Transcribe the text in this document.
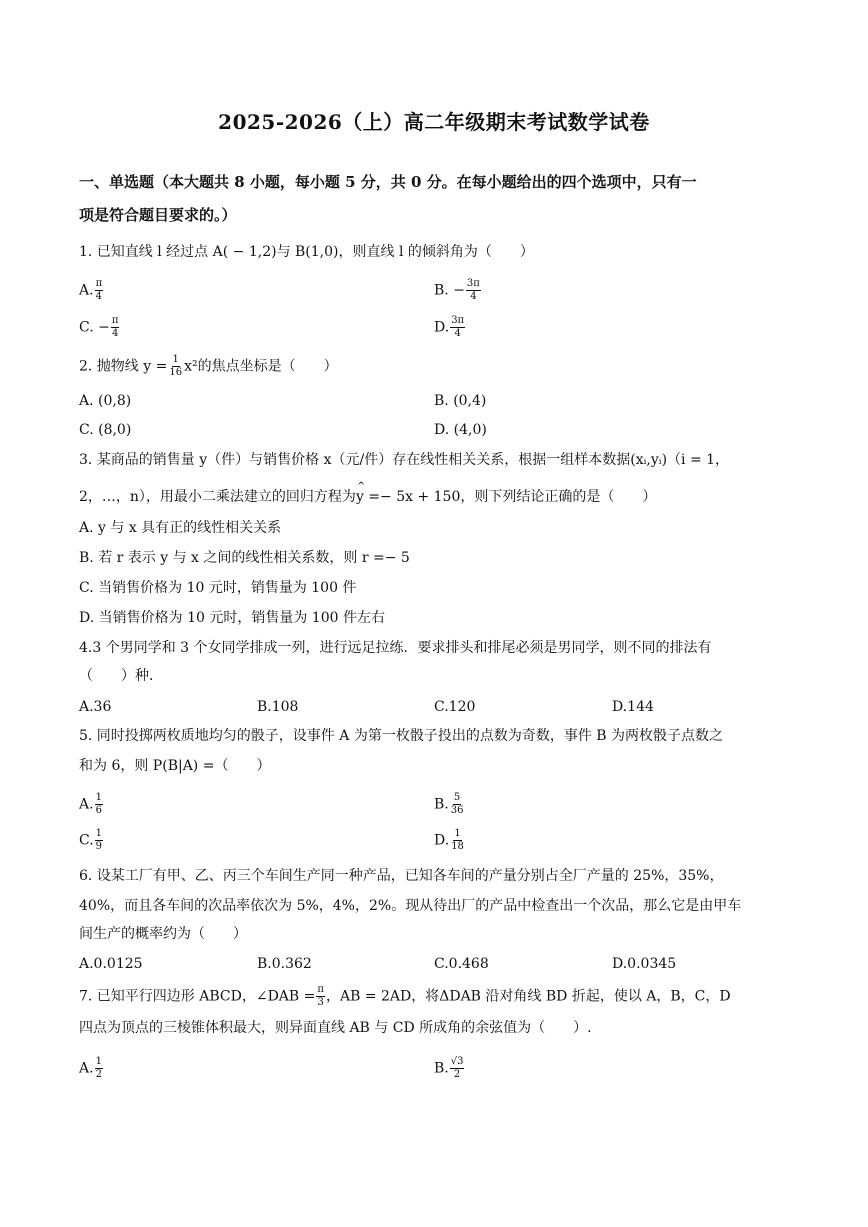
2025-2026（上）高二年级期末考试数学试卷
一、单选题（本大题共 8 小题，每小题 5 分，共 0 分。在每小题给出的四个选项中，只有一
项是符合题目要求的。）
1. 已知直线 l 经过点 A( − 1,2)与 B(1,0)，则直线 l 的倾斜角为（　　）
A. $\frac{\pi}{4}$	B. − $\frac{3\pi}{4}$
C. − $\frac{\pi}{4}$	D. $\frac{3\pi}{4}$
2. 抛物线 $y = \frac{1}{16} x^2$的焦点坐标是（　　）
A. (0,8)	B. (0,4)
C. (8,0)	D. (4,0)
3. 某商品的销售量 y（件）与销售价格 x（元/件）存在线性相关关系，根据一组样本数据(xᵢ,yᵢ)（i = 1，
2，…，n），用最小二乘法建立的回归方程为^ y =− 5x + 150，则下列结论正确的是（　　）
A. y 与 x 具有正的线性相关关系
B. 若 r 表示 y 与 x 之间的线性相关系数，则 r =− 5
C. 当销售价格为 10 元时，销售量为 100 件
D. 当销售价格为 10 元时，销售量为 100 件左右
4.3 个男同学和 3 个女同学排成一列，进行远足拉练．要求排头和排尾必须是男同学，则不同的排法有
（　　）种．
A.36	B.108	C.120	D.144
5. 同时投掷两枚质地均匀的骰子，设事件 A 为第一枚骰子投出的点数为奇数，事件 B 为两枚骰子点数之
和为 6，则 P(B|A) =（　　）
A. $\frac{1}{6}$	B. $\frac{5}{36}$
C. $\frac{1}{9}$	D. $\frac{1}{18}$
6. 设某工厂有甲、乙、丙三个车间生产同一种产品，已知各车间的产量分别占全厂产量的 25%，35%，
40%，而且各车间的次品率依次为 5%，4%，2%。现从待出厂的产品中检查出一个次品，那么它是由甲车
间生产的概率约为（　　）
A.0.0125	B.0.362	C.0.468	D.0.0345
7. 已知平行四边形 ABCD，∠DAB = $\frac{\pi}{3}$ ，AB = 2AD，将ΔDAB 沿对角线 BD 折起，使以 A，B，C，D
四点为顶点的三棱锥体积最大，则异面直线 AB 与 CD 所成角的余弦值为（　　）.
A. $\frac{1}{2}$	B. $\frac{√3}{2}$
